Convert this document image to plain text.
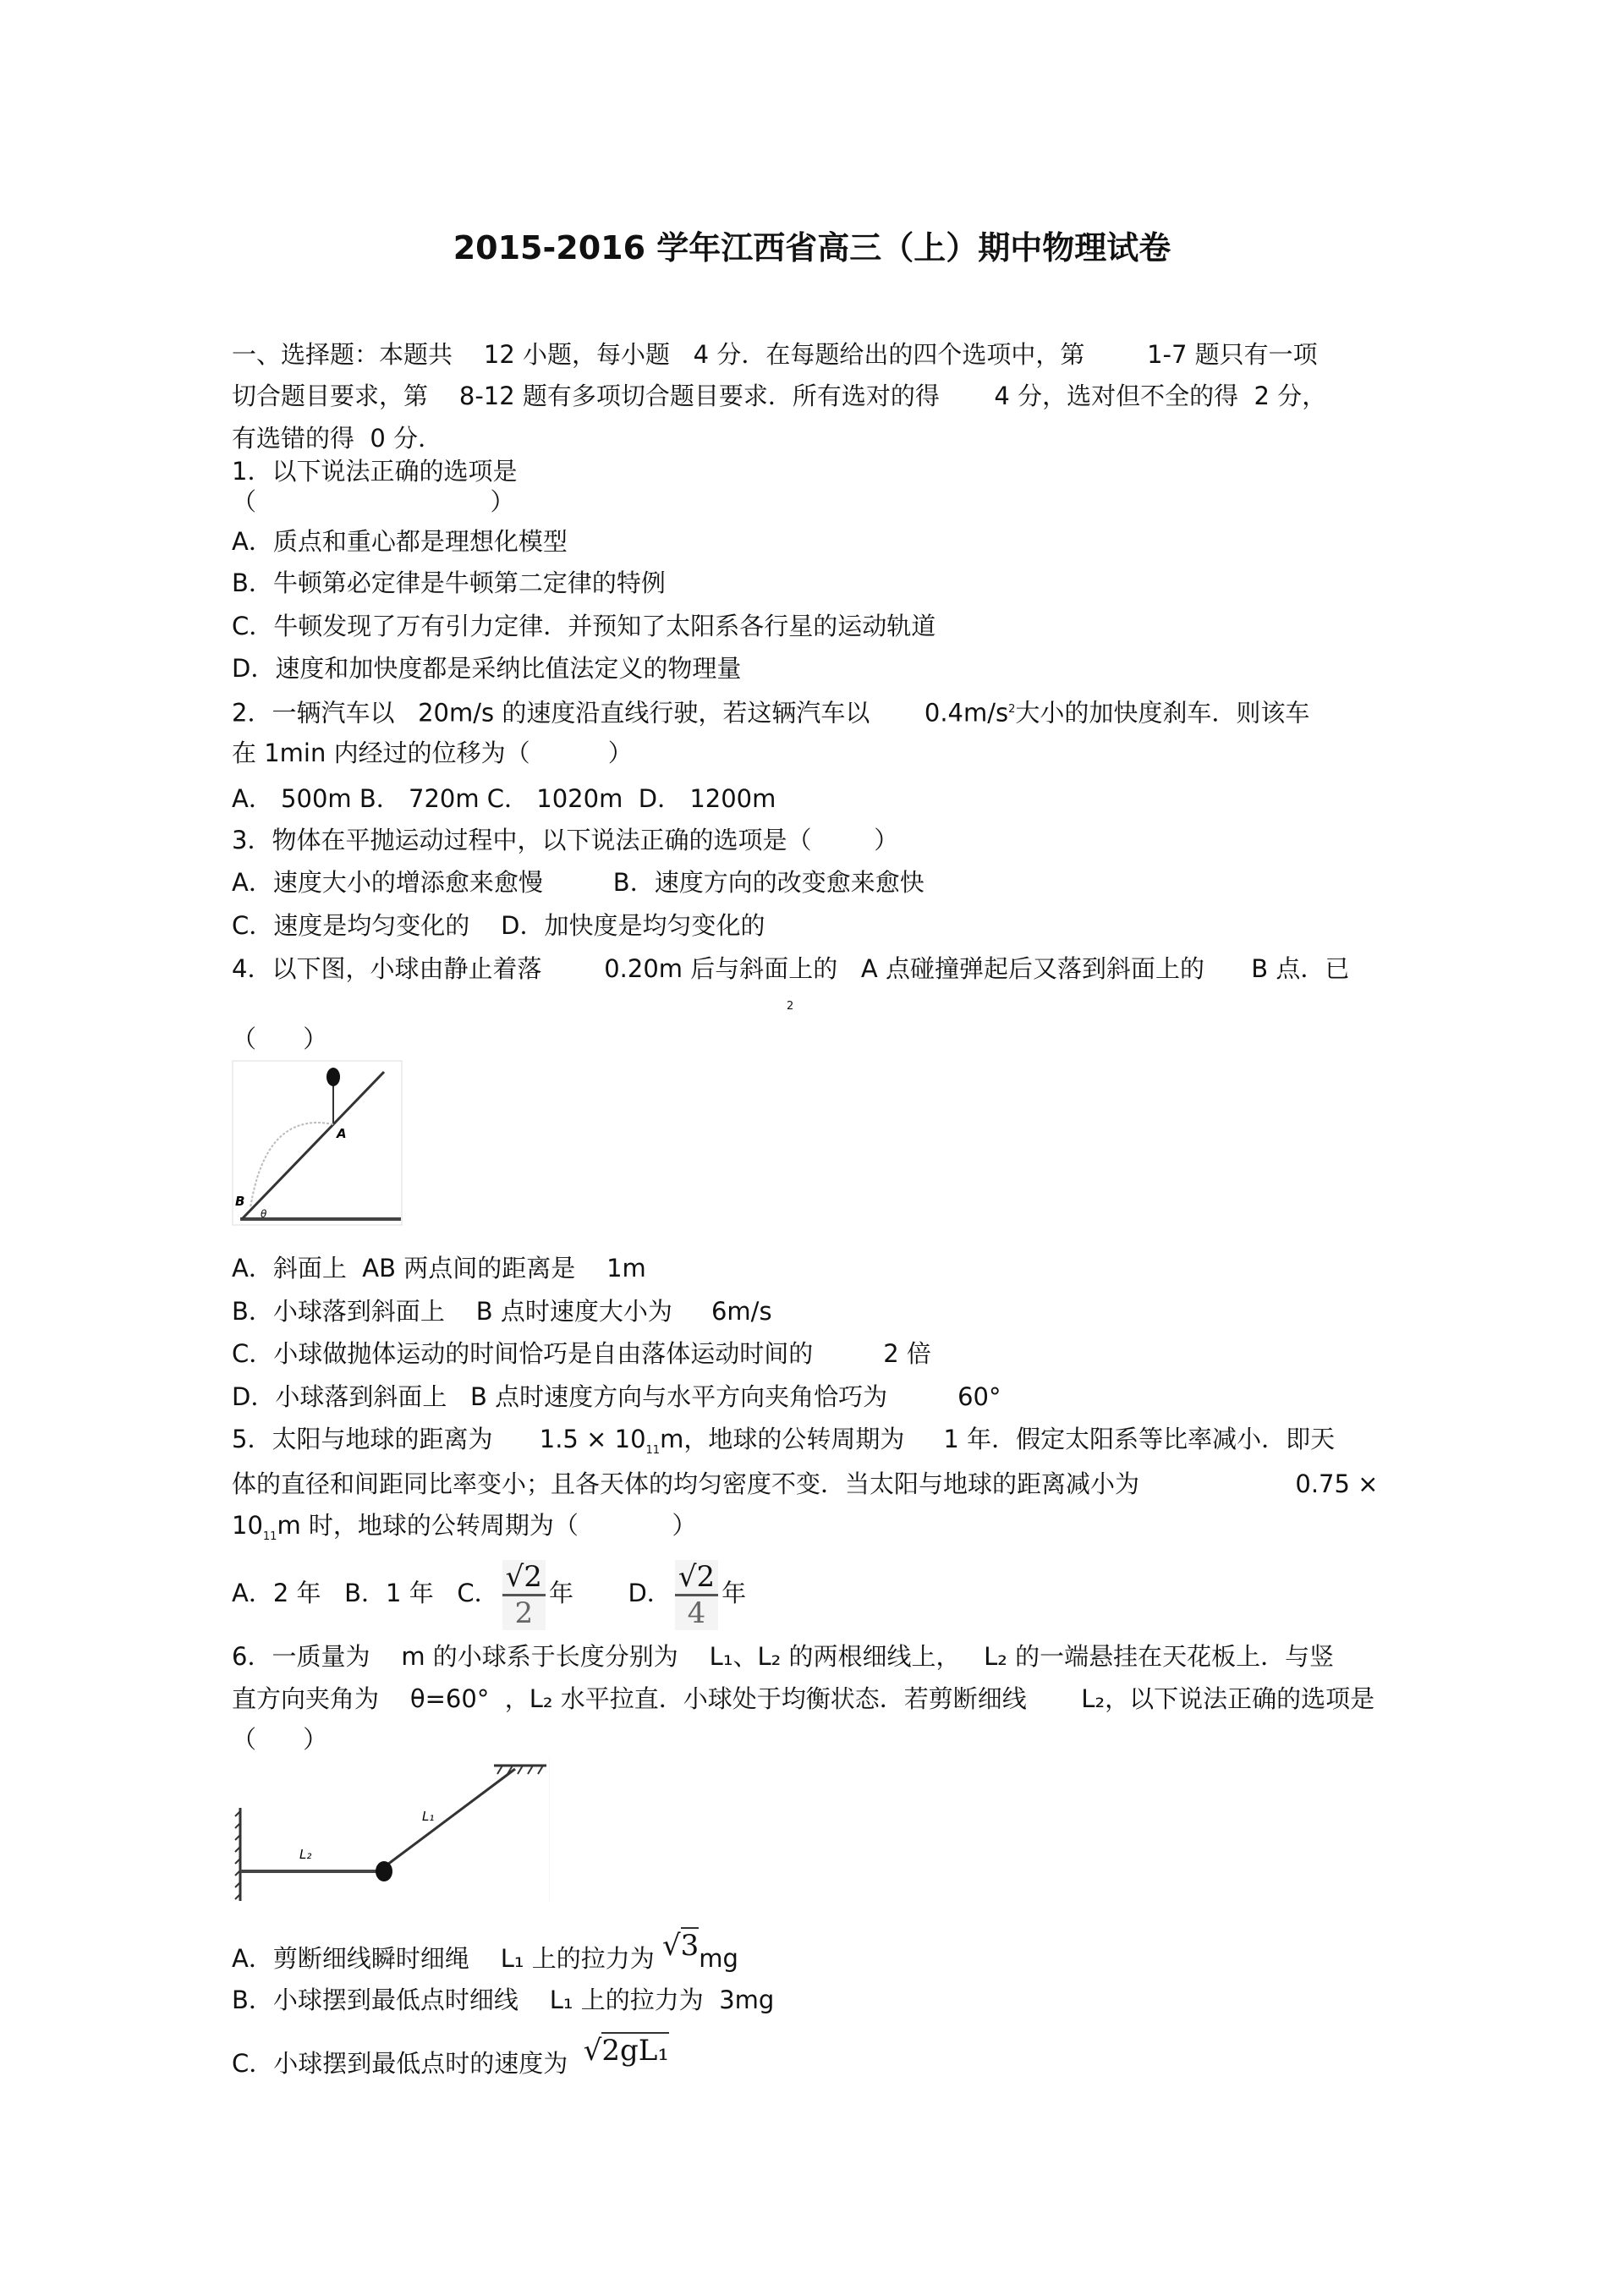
2015-2016 学年江西省高三（上）期中物理试卷
一、选择题：本题共    12 小题，每小题   4 分．在每题给出的四个选项中，第        1-7 题只有一项
切合题目要求，第    8-12 题有多项切合题目要求．所有选对的得       4 分，选对但不全的得  2 分，
有选错的得  0 分．
1．以下说法正确的选项是
（                              ）
A．质点和重心都是理想化模型
B．牛顿第必定律是牛顿第二定律的特例
C．牛顿发现了万有引力定律．并预知了太阳系各行星的运动轨道
D．速度和加快度都是采纳比值法定义的物理量
2．一辆汽车以   20m/s 的速度沿直线行驶，若这辆汽车以       $0.4m/s^2$大小的加快度刹车．则该车
在 1min 内经过的位移为（          ）
A． 500m B． 720m C． 1020m  D． 1200m
3．物体在平抛运动过程中，以下说法正确的选项是（        ）
A．速度大小的增添愈来愈慢         B．速度方向的改变愈来愈快
C．速度是均匀变化的    D．加快度是均匀变化的
4．以下图，小球由静止着落        0.20m 后与斜面上的   A 点碰撞弹起后又落到斜面上的      B 点．已
2
（      ）
A
B
θ
A．斜面上  AB 两点间的距离是    1m
B．小球落到斜面上    B 点时速度大小为     6m/s
C．小球做抛体运动的时间恰巧是自由落体运动时间的         2 倍
D．小球落到斜面上   B 点时速度方向与水平方向夹角恰巧为         60°
5．太阳与地球的距离为      $1.5 \times 10_{11}m$，地球的公转周期为     1 年．假定太阳系等比率减小．即天
体的直径和间距同比率变小；且各天体的均匀密度不变．当太阳与地球的距离减小为                    0.75 ×
$10_{11}m$ 时，地球的公转周期为（            ）
A．2 年   B．1 年   C． $\frac{√2}{2}$ 年       D． $\frac{√2}{4}$ 年
6．一质量为    m 的小球系于长度分别为    L₁、L₂ 的两根细线上，   L₂ 的一端悬挂在天花板上．与竖
直方向夹角为    θ=60°  ，L₂ 水平拉直．小球处于均衡状态．若剪断细线       L₂，以下说法正确的选项是
（      ）
L₁
L₂
A．剪断细线瞬时细绳    L₁ 上的拉力为 √3mg
B．小球摆到最低点时细线    L₁ 上的拉力为  3mg
C．小球摆到最低点时的速度为  √2gL₁
